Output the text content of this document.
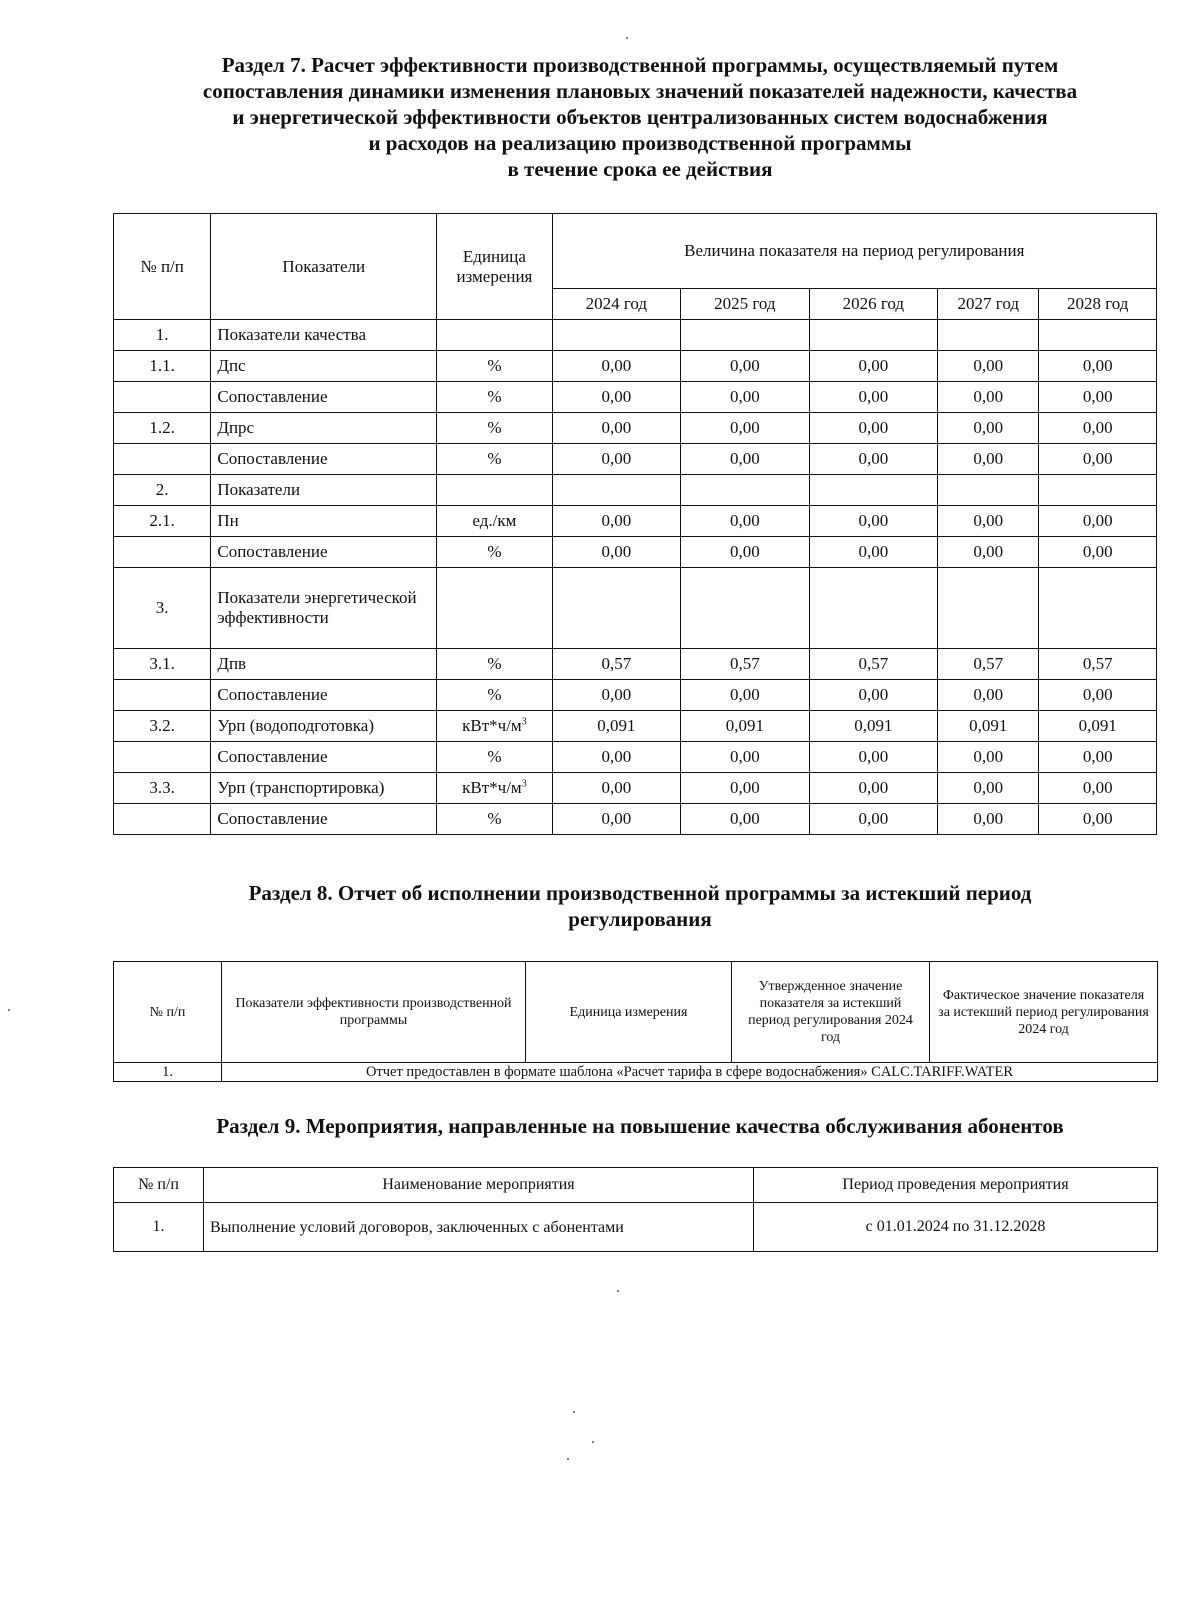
Раздел 7. Расчет эффективности производственной программы, осуществляемый путем
сопоставления динамики изменения плановых значений показателей надежности, качества
и энергетической эффективности объектов централизованных систем водоснабжения
и расходов на реализацию производственной программы
в течение срока ее действия
№ п/п	Показатели	Единица измерения	Величина показателя на период регулирования				
			2024 год	2025 год	2026 год	2027 год	2028 год
1.	Показатели качества						
1.1.	Дпс	%	0,00	0,00	0,00	0,00	0,00
	Сопоставление	%	0,00	0,00	0,00	0,00	0,00
1.2.	Дпрс	%	0,00	0,00	0,00	0,00	0,00
	Сопоставление	%	0,00	0,00	0,00	0,00	0,00
2.	Показатели						
2.1.	Пн	ед./км	0,00	0,00	0,00	0,00	0,00
	Сопоставление	%	0,00	0,00	0,00	0,00	0,00
3.	Показатели энергетической эффективности						
3.1.	Дпв	%	0,57	0,57	0,57	0,57	0,57
	Сопоставление	%	0,00	0,00	0,00	0,00	0,00
3.2.	Урп (водоподготовка)	$кВт*ч/м^3$	0,091	0,091	0,091	0,091	0,091
	Сопоставление	%	0,00	0,00	0,00	0,00	0,00
3.3.	Урп (транспортировка)	$кВт*ч/м^3$	0,00	0,00	0,00	0,00	0,00
	Сопоставление	%	0,00	0,00	0,00	0,00	0,00
Раздел 8. Отчет об исполнении производственной программы за истекший период
регулирования
№ п/п	Показатели эффективности производственной программы	Единица измерения	Утвержденное значение показателя за истекший период регулирования 2024 год	Фактическое значение показателя за истекший период регулирования 2024 год
1.	Отчет предоставлен в формате шаблона «Расчет тарифа в сфере водоснабжения» CALC.TARIFF.WATER			
Раздел 9. Мероприятия, направленные на повышение качества обслуживания абонентов
№ п/п	Наименование мероприятия	Период проведения мероприятия
1.	Выполнение условий договоров, заключенных с абонентами	с 01.01.2024 по 31.12.2028
